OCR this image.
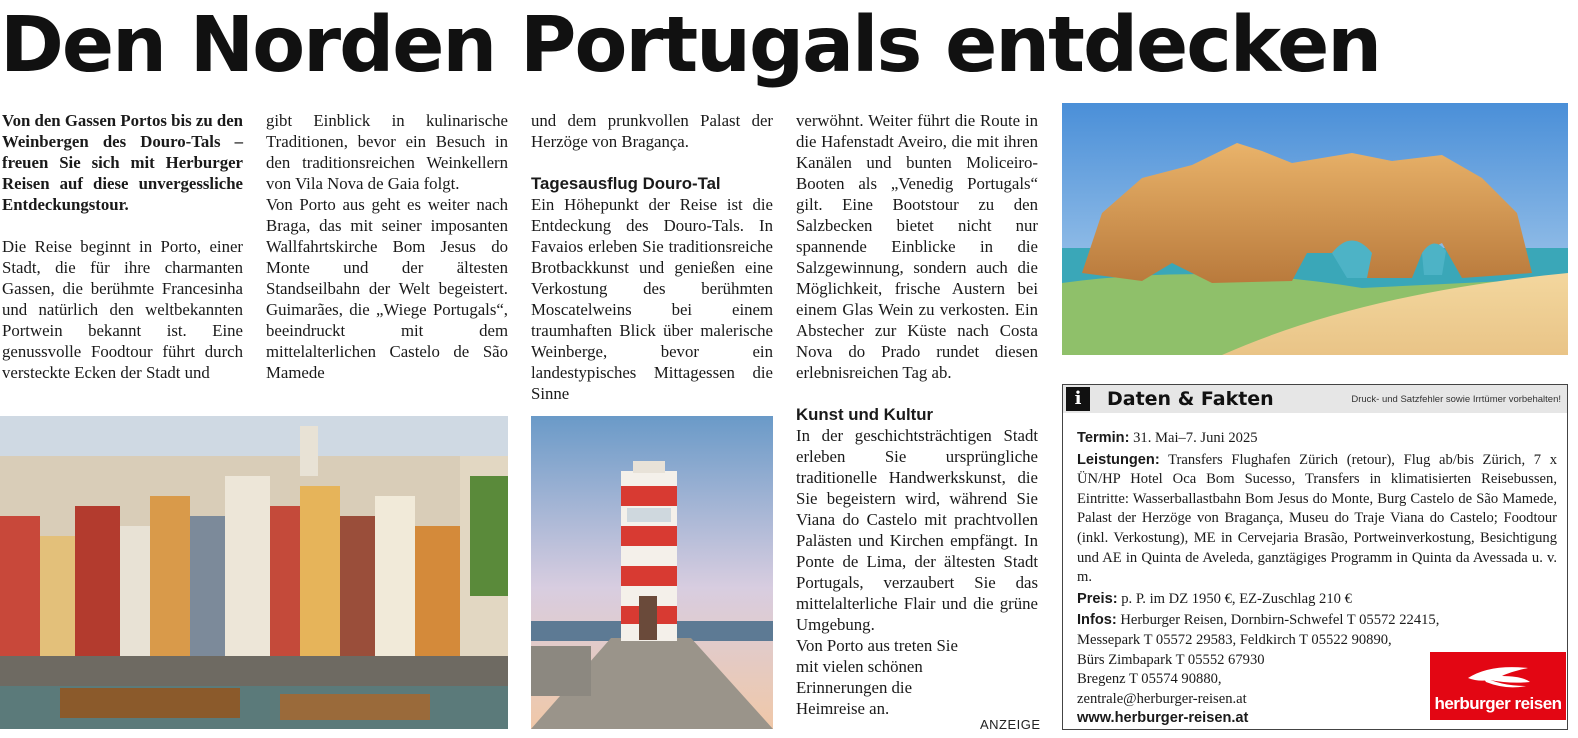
Den Norden Portugals entdecken

Von den Gassen Portos bis zu den Weinbergen des Douro-Tals – freuen Sie sich mit Herburger Reisen auf diese unvergessliche Entdeckungstour.

Die Reise beginnt in Porto, einer Stadt, die für ihre charmanten Gassen, die berühmte Francesinha und natürlich den weltbekannten Portwein bekannt ist. Eine genussvolle Foodtour führt durch versteckte Ecken der Stadt und

gibt Einblick in kulinarische Traditionen, bevor ein Besuch in den traditionsreichen Weinkellern von Vila Nova de Gaia folgt.

Von Porto aus geht es weiter nach Braga, das mit seiner imposanten Wallfahrtskirche Bom Jesus do Monte und der ältesten Standseilbahn der Welt begeistert. Guimarães, die „Wiege Portugals“, beeindruckt mit dem mittelalterlichen Castelo de São Mamede

und dem prunkvollen Palast der Herzöge von Bragança.

Tagesausflug Douro-Tal

Ein Höhepunkt der Reise ist die Entdeckung des Douro-Tals. In Favaios erleben Sie traditionsreiche Brotbackkunst und genießen eine Verkostung des berühmten Moscatelweins bei einem traumhaften Blick über malerische Weinberge, bevor ein landestypisches Mittagessen die Sinne

verwöhnt. Weiter führt die Route in die Hafenstadt Aveiro, die mit ihren Kanälen und bunten Moliceiro-Booten als „Venedig Portugals“ gilt. Eine Bootstour zu den Salzbecken bietet nicht nur spannende Einblicke in die Salzgewinnung, sondern auch die Möglichkeit, frische Austern bei einem Glas Wein zu verkosten. Ein Abstecher zur Küste nach Costa Nova do Prado rundet diesen erlebnisreichen Tag ab.

Kunst und Kultur

In der geschichtsträchtigen Stadt erleben Sie ursprüngliche traditionelle Handwerkskunst, die Sie begeistern wird, während Sie Viana do Castelo mit prachtvollen Palästen und Kirchen empfängt. In Ponte de Lima, der ältesten Stadt Portugals, verzaubert Sie das mittelalterliche Flair und die grüne Umgebung.

Von Porto aus treten Sie mit vielen schönen Erinnerungen die Heimreise an.

ANZEIGE
i	Daten & Fakten	Druck- und Satzfehler sowie Irrtümer vorbehalten!

Termin: 31. Mai–7. Juni 2025

Leistungen: Transfers Flughafen Zürich (retour), Flug ab/bis Zürich, 7 x ÜN/HP Hotel Oca Bom Sucesso, Transfers in klimatisierten Reisebussen, Eintritte: Wasserballastbahn Bom Jesus do Monte, Burg Castelo de São Mamede, Palast der Herzöge von Bragança, Museu do Traje Viana do Castelo; Foodtour (inkl. Verkostung), ME in Cervejaria Brasão, Portweinverkostung, Besichtigung und AE in Quinta de Aveleda, ganztägiges Programm in Quinta da Avessada u. v. m.

Preis: p. P. im DZ 1950 €, EZ-Zuschlag 210 €

Infos: Herburger Reisen, Dornbirn-Schwefel T 05572 22415,
Messepark T 05572 29583, Feldkirch T 05522 90890,
Bürs Zimbapark T 05552 67930
Bregenz T 05574 90880,
zentrale@herburger-reisen.at
www.herburger-reisen.at

herburger reisen
